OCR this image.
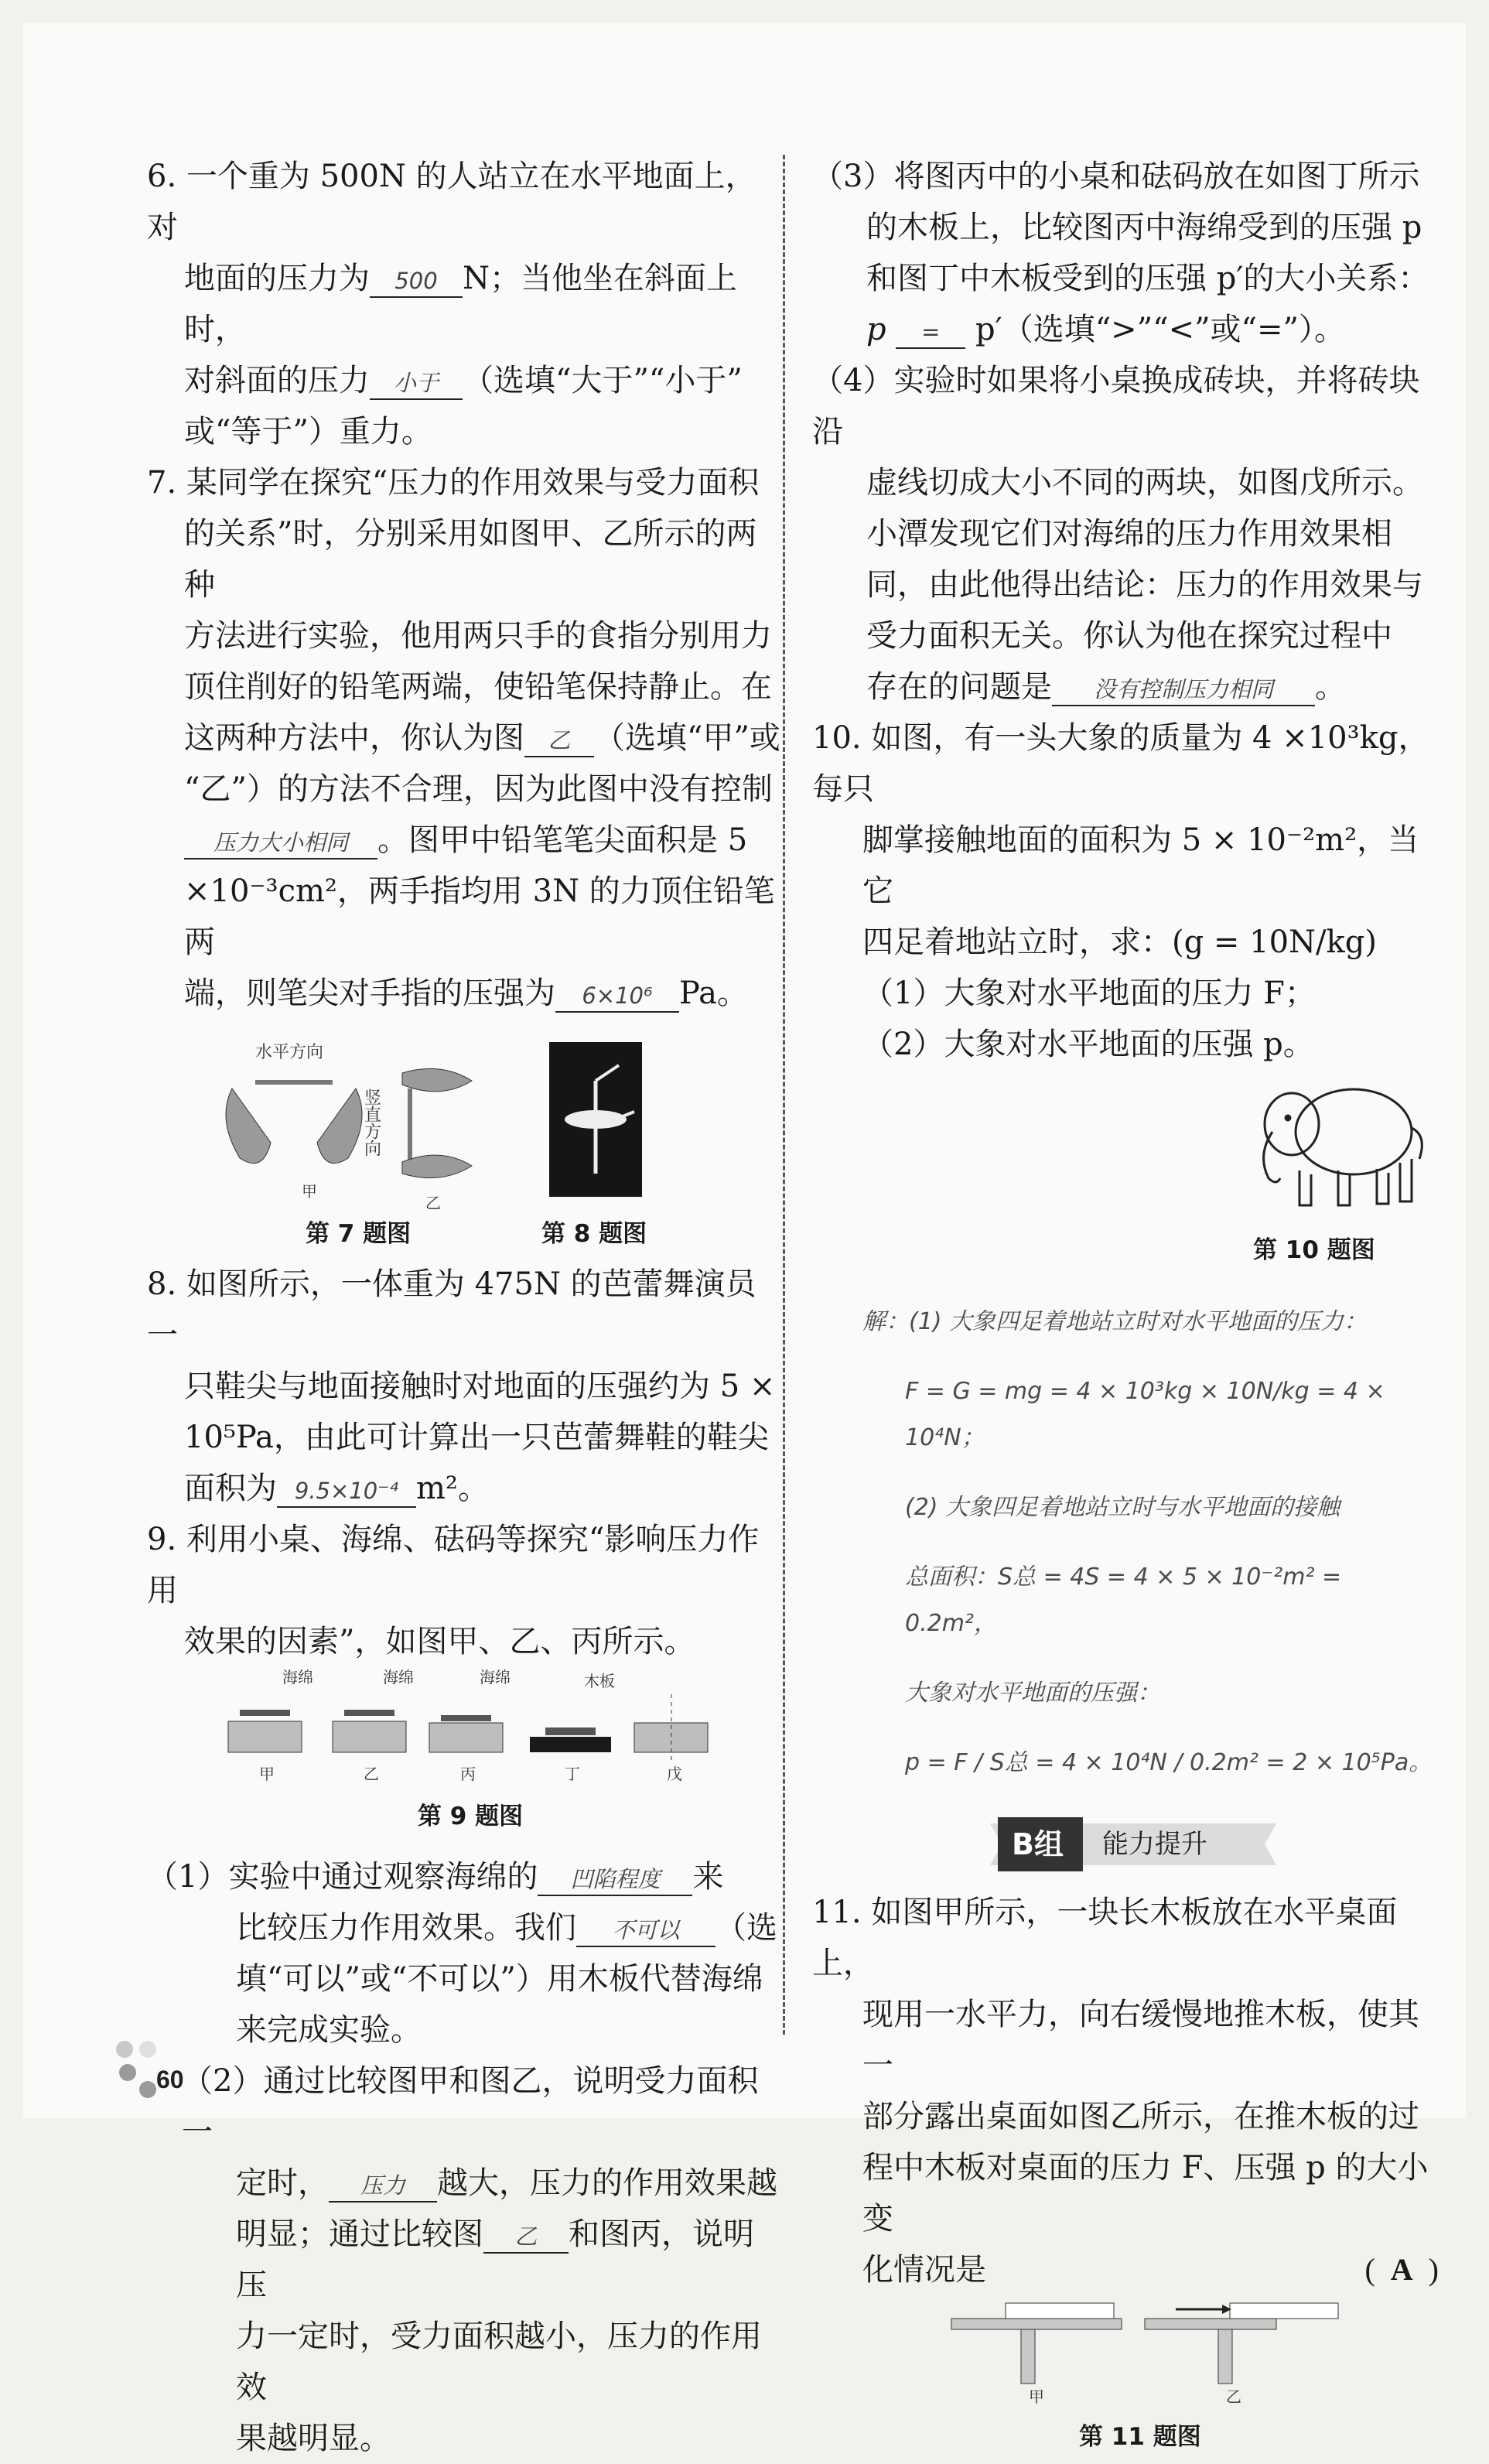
6. 一个重为 500N 的人站立在水平地面上，对

地面的压力为 500 N；当他坐在斜面上时，

对斜面的压力 小于 （选填“大于”“小于”

或“等于”）重力。

7. 某同学在探究“压力的作用效果与受力面积

的关系”时，分别采用如图甲、乙所示的两种

方法进行实验，他用两只手的食指分别用力

顶住削好的铅笔两端，使铅笔保持静止。在

这两种方法中，你认为图 乙 （选填“甲”或

“乙”）的方法不合理，因为此图中没有控制

压力大小相同 。图甲中铅笔笔尖面积是 5

×10⁻³cm²，两手指均用 3N 的力顶住铅笔两

端，则笔尖对手指的压强为 6×10⁶ Pa。

水平方向
甲
竖直方向
乙
第 7 题图	第 8 题图

8. 如图所示，一体重为 475N 的芭蕾舞演员一

只鞋尖与地面接触时对地面的压强约为 5 ×

10⁵Pa，由此可计算出一只芭蕾舞鞋的鞋尖

面积为 9.5×10⁻⁴ m²。

9. 利用小桌、海绵、砝码等探究“影响压力作用

效果的因素”，如图甲、乙、丙所示。

海绵	海绵	海绵	木板
甲	乙	丙	丁	戊

第 9 题图

（1）实验中通过观察海绵的 凹陷程度 来

比较压力作用效果。我们 不可以 （选

填“可以”或“不可以”）用木板代替海绵

来完成实验。

（2）通过比较图甲和图乙，说明受力面积一

定时， 压力 越大，压力的作用效果越

明显；通过比较图 乙 和图丙，说明压

力一定时，受力面积越小，压力的作用效

果越明显。

（3）将图丙中的小桌和砝码放在如图丁所示

的木板上，比较图丙中海绵受到的压强 p

和图丁中木板受到的压强 p′的大小关系：

p = p′（选填“>”“<”或“=”）。

（4）实验时如果将小桌换成砖块，并将砖块沿

虚线切成大小不同的两块，如图戊所示。

小潭发现它们对海绵的压力作用效果相

同，由此他得出结论：压力的作用效果与

受力面积无关。你认为他在探究过程中

存在的问题是 没有控制压力相同 。

10. 如图，有一头大象的质量为 4 ×10³kg，每只

脚掌接触地面的面积为 5 × 10⁻²m²，当它

四足着地站立时，求：(g = 10N/kg)

（1）大象对水平地面的压力 F；

（2）大象对水平地面的压强 p。

第 10 题图

解：(1) 大象四足着地站立时对水平地面的压力：

F = G = mg = 4 × 10³kg × 10N/kg = 4 × 10⁴N；

(2) 大象四足着地站立时与水平地面的接触

总面积：S总 = 4S = 4 × 5 × 10⁻²m² = 0.2m²，

大象对水平地面的压强：

p = F / S总 = 4 × 10⁴N / 0.2m² = 2 × 10⁵Pa。

B组 能力提升

11. 如图甲所示，一块长木板放在水平桌面上，

现用一水平力，向右缓慢地推木板，使其一

部分露出桌面如图乙所示，在推木板的过

程中木板对桌面的压力 F、压强 p 的大小变

化情况是	(  A  )

甲	乙

第 11 题图

60
